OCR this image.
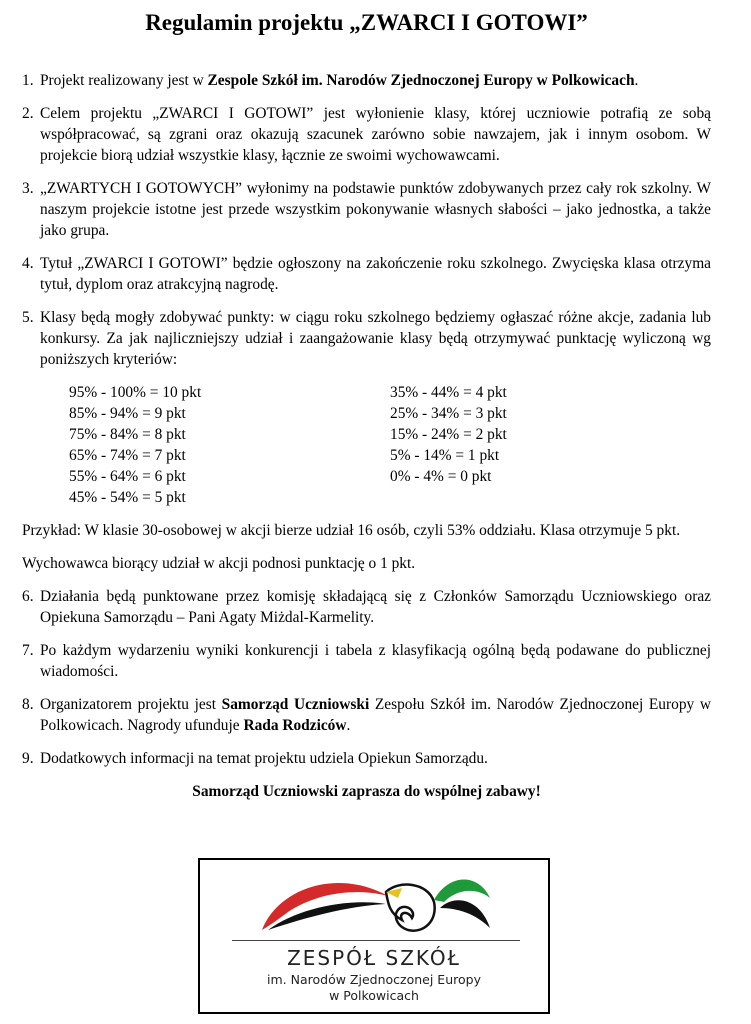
Regulamin projektu „ZWARCI I GOTOWI”
1. Projekt realizowany jest w Zespole Szkół im. Narodów Zjednoczonej Europy w Polkowicach.
2. Celem projektu „ZWARCI I GOTOWI” jest wyłonienie klasy, której uczniowie potrafią ze sobą współpracować, są zgrani oraz okazują szacunek zarówno sobie nawzajem, jak i innym osobom. W projekcie biorą udział wszystkie klasy, łącznie ze swoimi wychowawcami.
3. „ZWARTYCH I GOTOWYCH” wyłonimy na podstawie punktów zdobywanych przez cały rok szkolny. W naszym projekcie istotne jest przede wszystkim pokonywanie własnych słabości – jako jednostka, a także jako grupa.
4. Tytuł „ZWARCI I GOTOWI” będzie ogłoszony na zakończenie roku szkolnego. Zwycięska klasa otrzyma tytuł, dyplom oraz atrakcyjną nagrodę.
5. Klasy będą mogły zdobywać punkty: w ciągu roku szkolnego będziemy ogłaszać różne akcje, zadania lub konkursy. Za jak najliczniejszy udział i zaangażowanie klasy będą otrzymywać punktację wyliczoną wg poniższych kryteriów:
95% - 100% = 10 pkt
85% - 94% = 9 pkt
75% - 84% = 8 pkt
65% - 74% = 7 pkt
55% - 64% = 6 pkt
45% - 54% = 5 pkt
35% - 44% = 4 pkt
25% - 34% = 3 pkt
15% - 24% = 2 pkt
5% - 14% = 1 pkt
0% - 4% = 0 pkt
Przykład: W klasie 30-osobowej w akcji bierze udział 16 osób, czyli 53% oddziału. Klasa otrzymuje 5 pkt.
Wychowawca biorący udział w akcji podnosi punktację o 1 pkt.
6. Działania będą punktowane przez komisję składającą się z Członków Samorządu Uczniowskiego oraz Opiekuna Samorządu – Pani Agaty Miżdal-Karmelity.
7. Po każdym wydarzeniu wyniki konkurencji i tabela z klasyfikacją ogólną będą podawane do publicznej wiadomości.
8. Organizatorem projektu jest Samorząd Uczniowski Zespołu Szkół im. Narodów Zjednoczonej Europy w Polkowicach. Nagrody ufunduje Rada Rodziców.
9. Dodatkowych informacji na temat projektu udziela Opiekun Samorządu.
Samorząd Uczniowski zaprasza do wspólnej zabawy!
ZESPÓŁ SZKÓŁ
im. Narodów Zjednoczonej Europy
w Polkowicach
